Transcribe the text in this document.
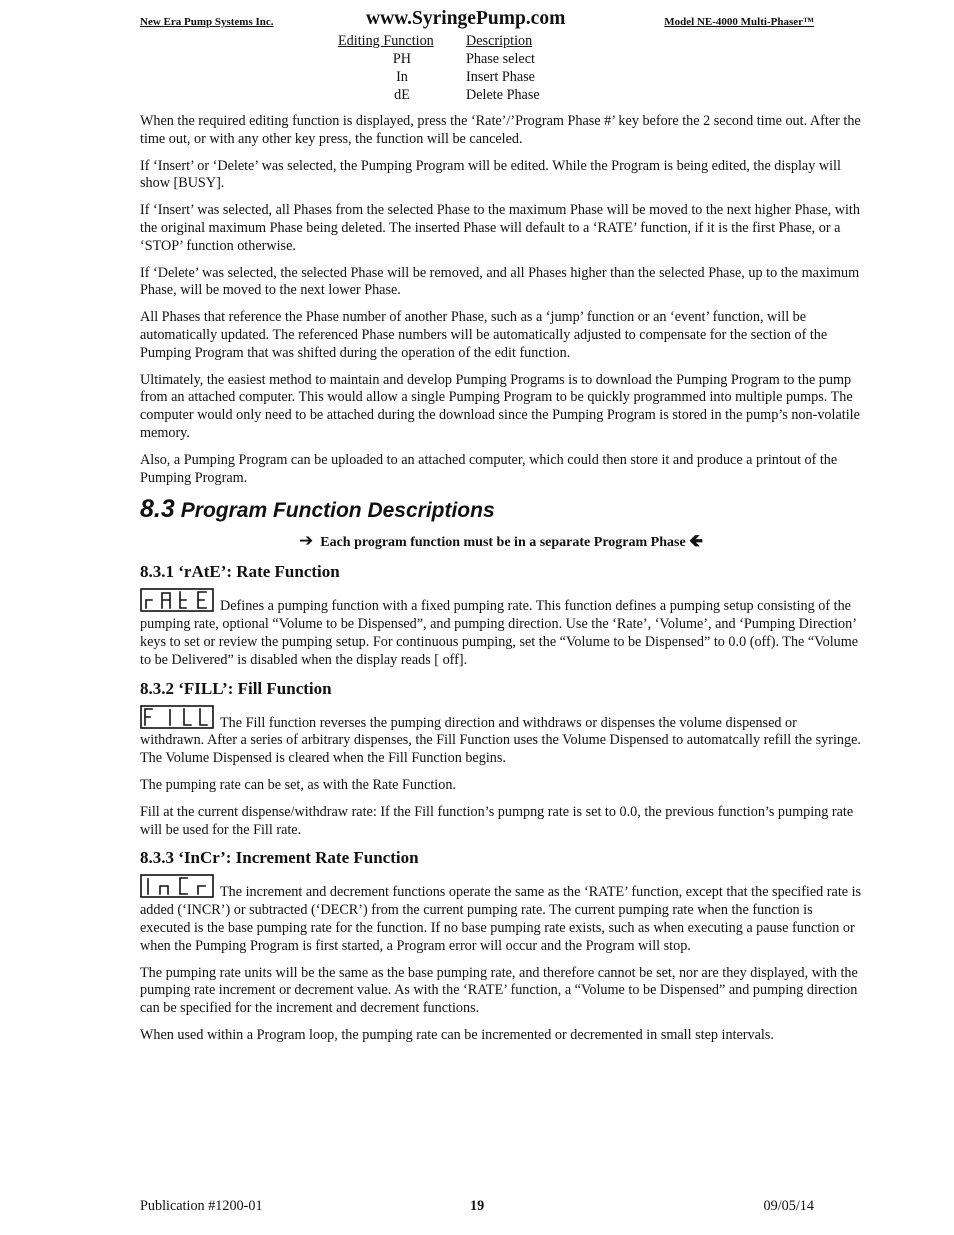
New Era Pump Systems Inc.	www.SyringePump.com	Model NE-4000 Multi-Phaser™
Editing Function	Description
PH	Phase select
In	Insert Phase
dE	Delete Phase

When the required editing function is displayed, press the ‘Rate’/’Program Phase #’ key before the 2 second time out. After the time out, or with any other key press, the function will be canceled.

If ‘Insert’ or ‘Delete’ was selected, the Pumping Program will be edited. While the Program is being edited, the display will show [BUSY].

If ‘Insert’ was selected, all Phases from the selected Phase to the maximum Phase will be moved to the next higher Phase, with the original maximum Phase being deleted. The inserted Phase will default to a ‘RATE’ function, if it is the first Phase, or a ‘STOP’ function otherwise.

If ‘Delete’ was selected, the selected Phase will be removed, and all Phases higher than the selected Phase, up to the maximum Phase, will be moved to the next lower Phase.

All Phases that reference the Phase number of another Phase, such as a ‘jump’ function or an ‘event’ function, will be automatically updated. The referenced Phase numbers will be automatically adjusted to compensate for the section of the Pumping Program that was shifted during the operation of the edit function.

Ultimately, the easiest method to maintain and develop Pumping Programs is to download the Pumping Program to the pump from an attached computer. This would allow a single Pumping Program to be quickly programmed into multiple pumps. The computer would only need to be attached during the download since the Pumping Program is stored in the pump’s non-volatile memory.

Also, a Pumping Program can be uploaded to an attached computer, which could then store it and produce a printout of the Pumping Program.

8.3 Program Function Descriptions
➔ Each program function must be in a separate Program Phase 🡸
8.3.1 ‘rAtE’: Rate Function

Defines a pumping function with a fixed pumping rate. This function defines a pumping setup consisting of the pumping rate, optional “Volume to be Dispensed”, and pumping direction. Use the ‘Rate’, ‘Volume’, and ‘Pumping Direction’ keys to set or review the pumping setup. For continuous pumping, set the “Volume to be Dispensed” to 0.0 (off). The “Volume to be Delivered” is disabled when the display reads [ off].

8.3.2 ‘FILL’: Fill Function

The Fill function reverses the pumping direction and withdraws or dispenses the volume dispensed or withdrawn. After a series of arbitrary dispenses, the Fill Function uses the Volume Dispensed to automatcally refill the syringe. The Volume Dispensed is cleared when the Fill Function begins.

The pumping rate can be set, as with the Rate Function.

Fill at the current dispense/withdraw rate: If the Fill function’s pumpng rate is set to 0.0, the previous function’s pumping rate will be used for the Fill rate.

8.3.3 ‘InCr’: Increment Rate Function

The increment and decrement functions operate the same as the ‘RATE’ function, except that the specified rate is added (‘INCR’) or subtracted (‘DECR’) from the current pumping rate. The current pumping rate when the function is executed is the base pumping rate for the function. If no base pumping rate exists, such as when executing a pause function or when the Pumping Program is first started, a Program error will occur and the Program will stop.

The pumping rate units will be the same as the base pumping rate, and therefore cannot be set, nor are they displayed, with the pumping rate increment or decrement value. As with the ‘RATE’ function, a “Volume to be Dispensed” and pumping direction can be specified for the increment and decrement functions.

When used within a Program loop, the pumping rate can be incremented or decremented in small step intervals.

Publication #1200-01	19	09/05/14
